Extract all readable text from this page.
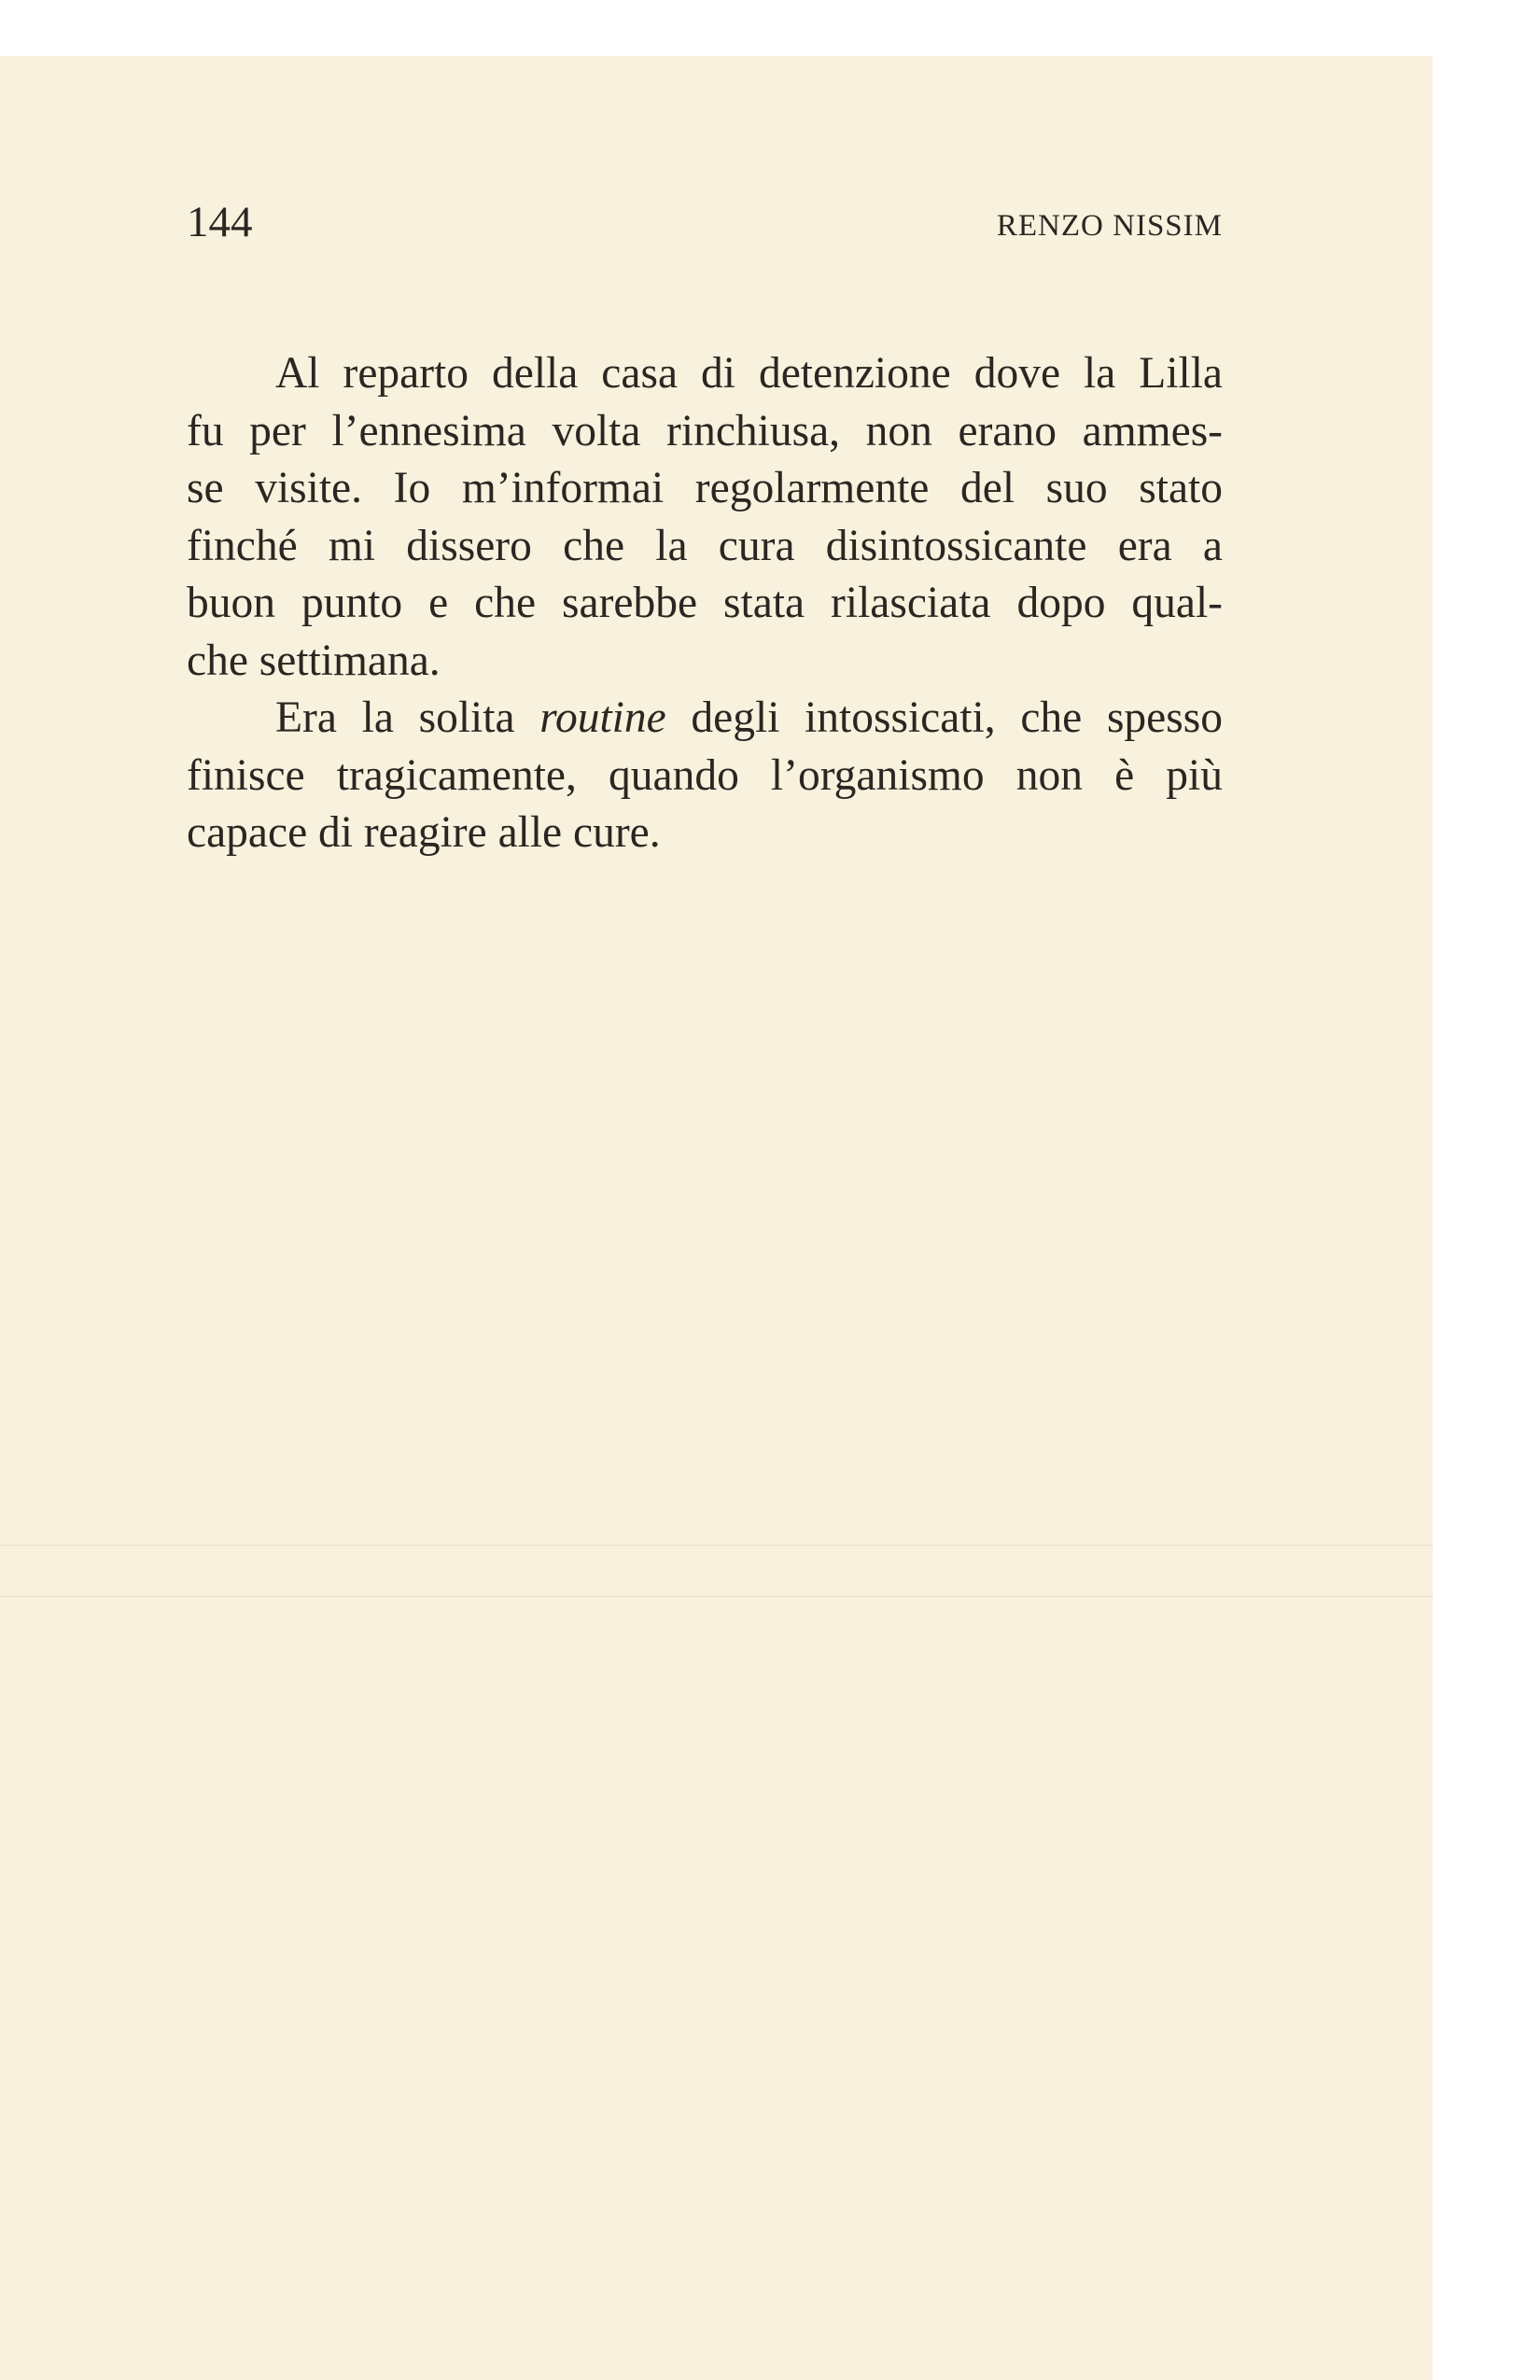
144	RENZO NISSIM
Al reparto della casa di detenzione dove la Lilla
fu per l’ennesima volta rinchiusa, non erano ammes-
se visite. Io m’informai regolarmente del suo stato
finché mi dissero che la cura disintossicante era a
buon punto e che sarebbe stata rilasciata dopo qual-
che settimana.
Era la solita routine degli intossicati, che spesso
finisce tragicamente, quando l’organismo non è più
capace di reagire alle cure.
